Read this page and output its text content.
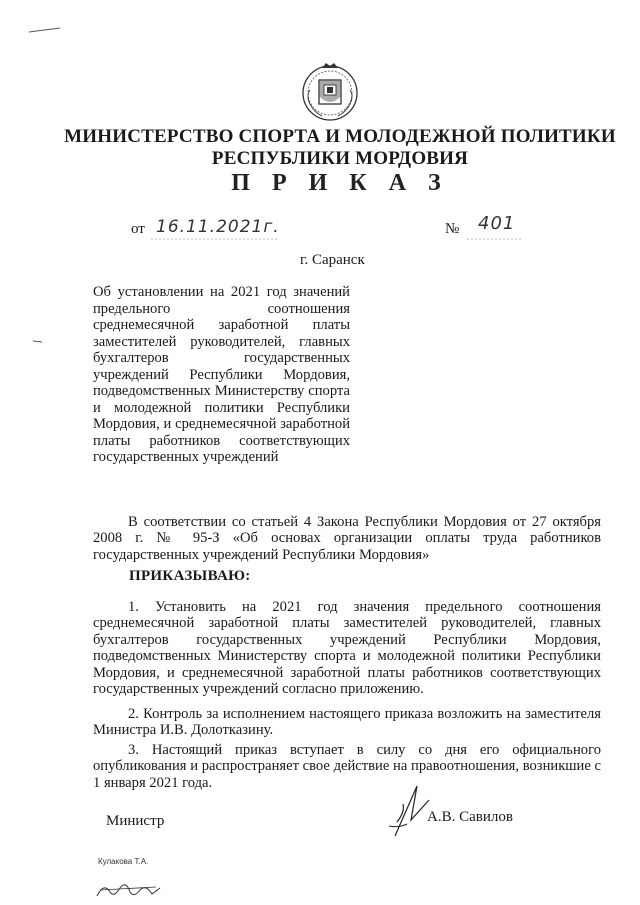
МИНИСТЕРСТВО СПОРТА И МОЛОДЕЖНОЙ ПОЛИТИКИ
РЕСПУБЛИКИ МОРДОВИЯ
П Р И К А З
от 16.11.2021г.	№ 401
г. Саранск
Об установлении на 2021 год значений предельного соотношения среднемесячной заработной платы заместителей руководителей, главных бухгалтеров государственных учреждений Республики Мордовия, подведомственных Министерству спорта и молодежной политики Республики Мордовия, и среднемесячной заработной платы работников соответствующих государственных учреждений
В соответствии со статьей 4 Закона Республики Мордовия от 27 октября 2008 г. № 95-З «Об основах организации оплаты труда работников государственных учреждений Республики Мордовия»
ПРИКАЗЫВАЮ:
1. Установить на 2021 год значения предельного соотношения среднемесячной заработной платы заместителей руководителей, главных бухгалтеров государственных учреждений Республики Мордовия, подведомственных Министерству спорта и молодежной политики Республики Мордовия, и среднемесячной заработной платы работников соответствующих государственных учреждений согласно приложению.
2. Контроль за исполнением настоящего приказа возложить на заместителя Министра И.В. Долотказину.
3. Настоящий приказ вступает в силу со дня его официального опубликования и распространяет свое действие на правоотношения, возникшие с 1 января 2021 года.
Министр	А.В. Савилов
Кулакова Т.А.
